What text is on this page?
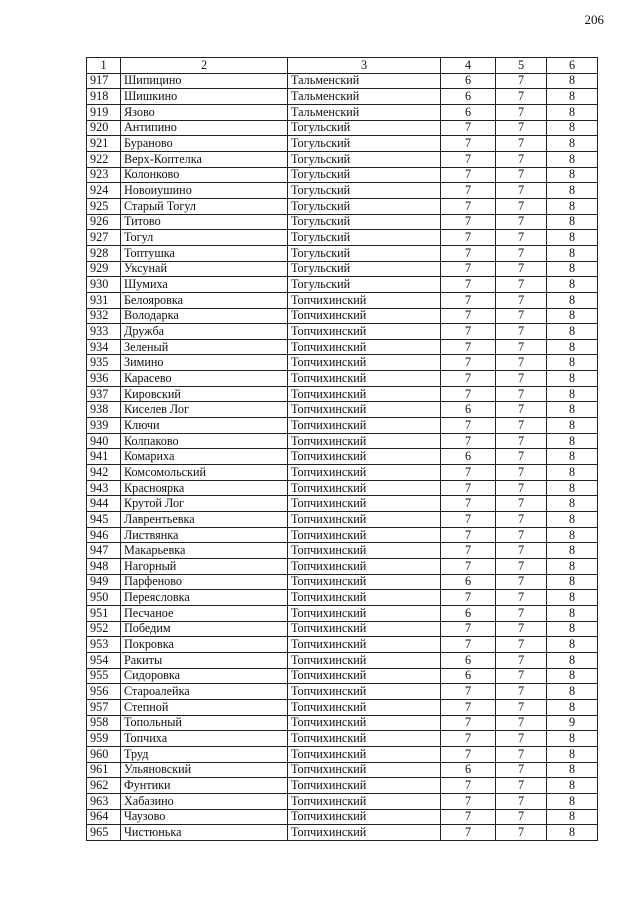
206
1	2	3	4	5	6
917	Шипицино	Тальменский	6	7	8
918	Шишкино	Тальменский	6	7	8
919	Язово	Тальменский	6	7	8
920	Антипино	Тогульский	7	7	8
921	Бураново	Тогульский	7	7	8
922	Верх-Коптелка	Тогульский	7	7	8
923	Колонково	Тогульский	7	7	8
924	Новоиушино	Тогульский	7	7	8
925	Старый Тогул	Тогульский	7	7	8
926	Титово	Тогульский	7	7	8
927	Тогул	Тогульский	7	7	8
928	Топтушка	Тогульский	7	7	8
929	Уксунай	Тогульский	7	7	8
930	Шумиха	Тогульский	7	7	8
931	Белояровка	Топчихинский	7	7	8
932	Володарка	Топчихинский	7	7	8
933	Дружба	Топчихинский	7	7	8
934	Зеленый	Топчихинский	7	7	8
935	Зимино	Топчихинский	7	7	8
936	Карасево	Топчихинский	7	7	8
937	Кировский	Топчихинский	7	7	8
938	Киселев Лог	Топчихинский	6	7	8
939	Ключи	Топчихинский	7	7	8
940	Колпаково	Топчихинский	7	7	8
941	Комариха	Топчихинский	6	7	8
942	Комсомольский	Топчихинский	7	7	8
943	Красноярка	Топчихинский	7	7	8
944	Крутой Лог	Топчихинский	7	7	8
945	Лаврентьевка	Топчихинский	7	7	8
946	Листвянка	Топчихинский	7	7	8
947	Макарьевка	Топчихинский	7	7	8
948	Нагорный	Топчихинский	7	7	8
949	Парфеново	Топчихинский	6	7	8
950	Переясловка	Топчихинский	7	7	8
951	Песчаное	Топчихинский	6	7	8
952	Победим	Топчихинский	7	7	8
953	Покровка	Топчихинский	7	7	8
954	Ракиты	Топчихинский	6	7	8
955	Сидоровка	Топчихинский	6	7	8
956	Староалейка	Топчихинский	7	7	8
957	Степной	Топчихинский	7	7	8
958	Топольный	Топчихинский	7	7	9
959	Топчиха	Топчихинский	7	7	8
960	Труд	Топчихинский	7	7	8
961	Ульяновский	Топчихинский	6	7	8
962	Фунтики	Топчихинский	7	7	8
963	Хабазино	Топчихинский	7	7	8
964	Чаузово	Топчихинский	7	7	8
965	Чистюнька	Топчихинский	7	7	8
